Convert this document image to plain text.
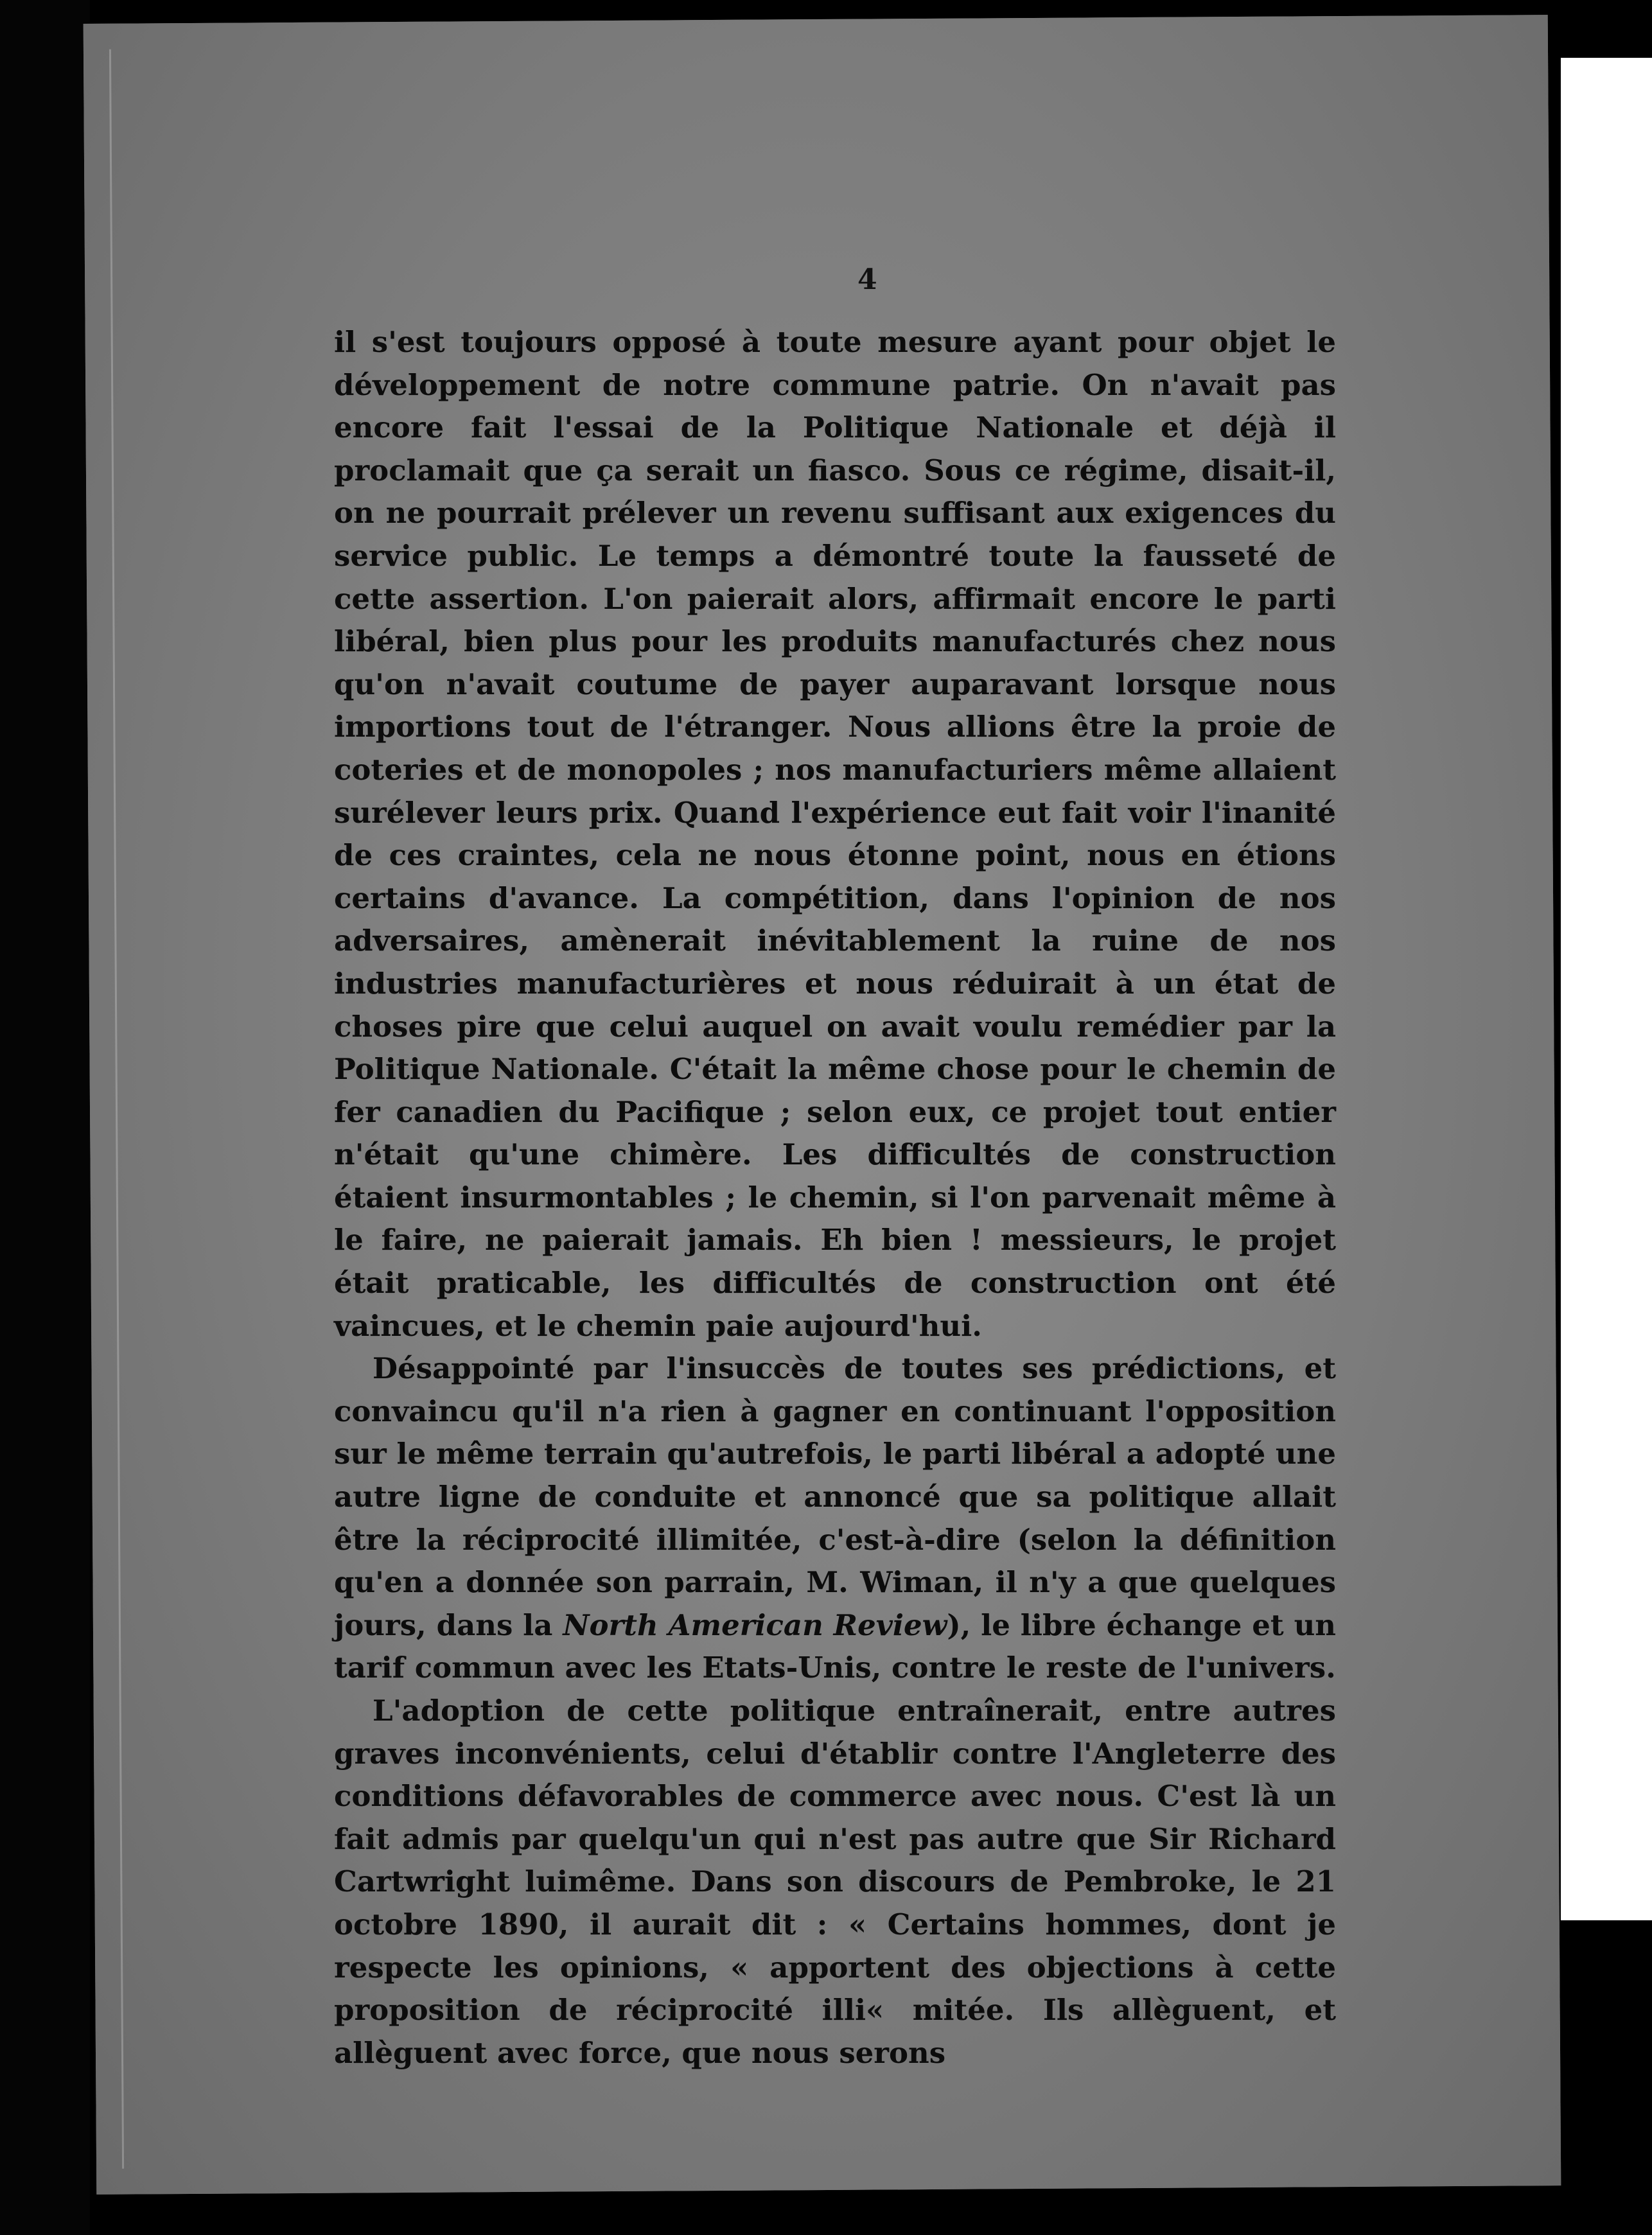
4

il s'est toujours opposé à toute mesure ayant pour objet le développement de notre commune patrie. On n'avait pas encore fait l'essai de la Politique Nationale et déjà il proclamait que ça serait un fiasco. Sous ce régime, disait-il, on ne pourrait prélever un revenu suffisant aux exigences du service public. Le temps a démontré toute la fausseté de cette assertion. L'on paierait alors, affirmait encore le parti libéral, bien plus pour les produits manufacturés chez nous qu'on n'avait coutume de payer auparavant lorsque nous importions tout de l'étranger. Nous allions être la proie de coteries et de monopoles ; nos manufacturiers même allaient surélever leurs prix. Quand l'expérience eut fait voir l'inanité de ces craintes, cela ne nous étonne point, nous en étions certains d'avance. La compétition, dans l'opinion de nos adversaires, amènerait inévitablement la ruine de nos industries manufacturières et nous réduirait à un état de choses pire que celui auquel on avait voulu remédier par la Politique Nationale. C'était la même chose pour le chemin de fer canadien du Pacifique ; selon eux, ce projet tout entier n'était qu'une chimère. Les difficultés de construction étaient insurmontables ; le chemin, si l'on parvenait même à le faire, ne paierait jamais. Eh bien ! messieurs, le projet était praticable, les difficultés de construction ont été vaincues, et le chemin paie aujourd'hui.

Désappointé par l'insuccès de toutes ses prédictions, et convaincu qu'il n'a rien à gagner en continuant l'opposition sur le même terrain qu'autrefois, le parti libéral a adopté une autre ligne de conduite et annoncé que sa politique allait être la réciprocité illimitée, c'est-à-dire (selon la définition qu'en a donnée son parrain, M. Wiman, il n'y a que quelques jours, dans la North American Review), le libre échange et un tarif commun avec les Etats-Unis, contre le reste de l'univers.

L'adoption de cette politique entraînerait, entre autres graves inconvénients, celui d'établir contre l'Angleterre des conditions défavorables de commerce avec nous. C'est là un fait admis par quelqu'un qui n'est pas autre que Sir Richard Cartwright luimême. Dans son discours de Pembroke, le 21 octobre 1890, il aurait dit : « Certains hommes, dont je respecte les opinions, « apportent des objections à cette proposition de réciprocité illi« mitée. Ils allèguent, et allèguent avec force, que nous serons
